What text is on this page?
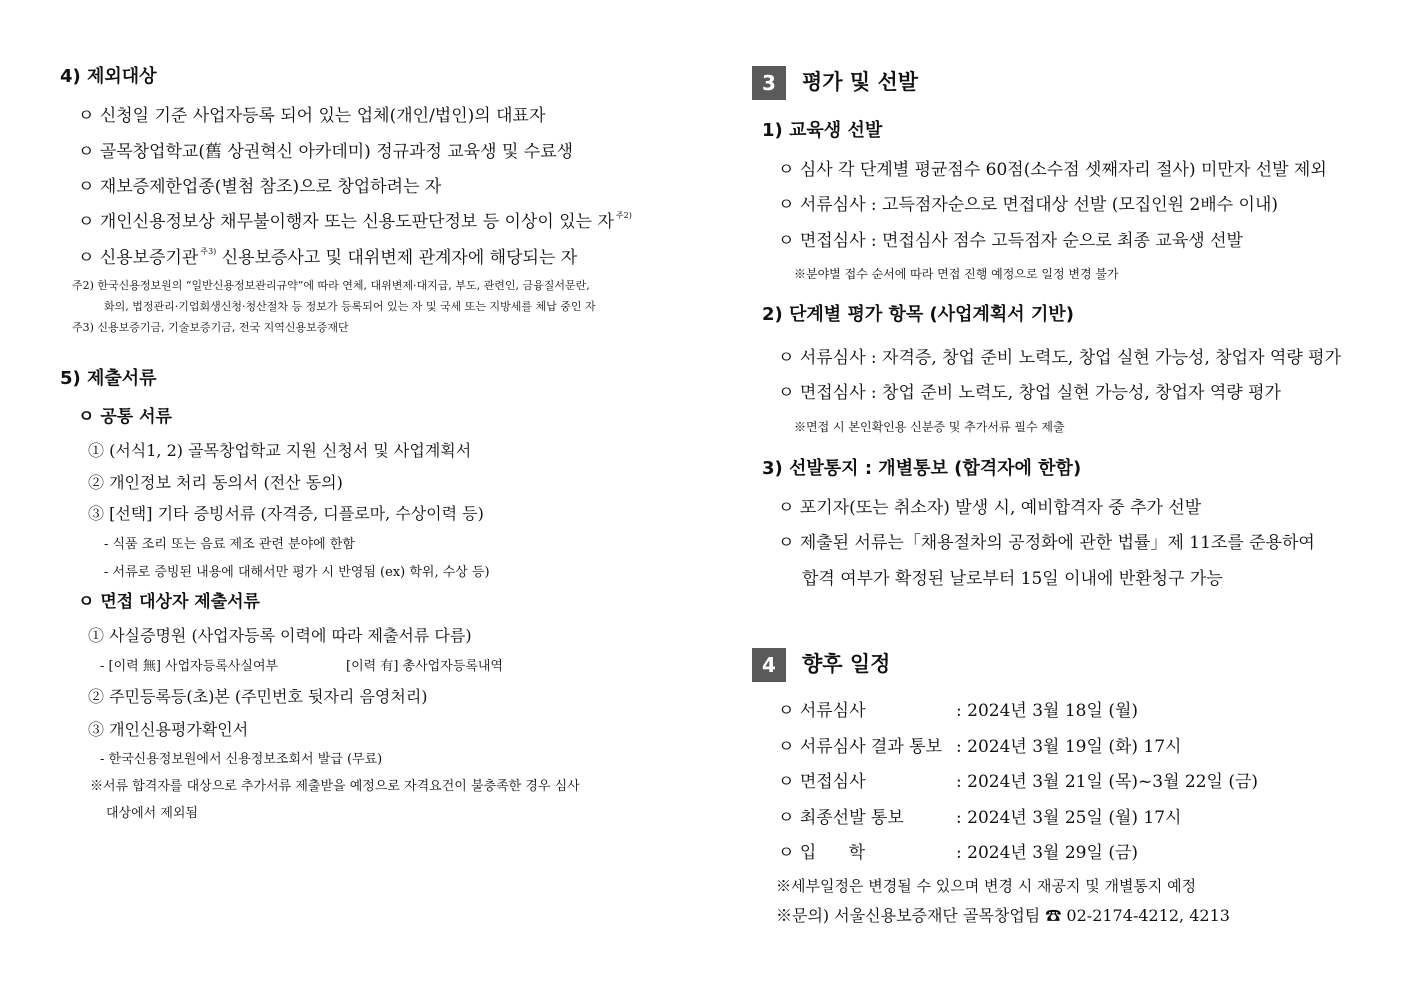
4) 제외대상
ㅇ 신청일 기준 사업자등록 되어 있는 업체(개인/법인)의 대표자
ㅇ 골목창업학교(舊 상권혁신 아카데미) 정규과정 교육생 및 수료생
ㅇ 재보증제한업종(별첨 참조)으로 창업하려는 자
ㅇ 개인신용정보상 채무불이행자 또는 신용도판단정보 등 이상이 있는 자 $^{주2)}$
ㅇ 신용보증기관 $^{주3)}$ 신용보증사고 및 대위변제 관계자에 해당되는 자
주2) 한국신용정보원의 “일반신용정보관리규약”에 따라 연체, 대위변제·대지급, 부도, 관련인, 금융질서문란,
화의, 법정관리·기업회생신청·청산절차 등 정보가 등록되어 있는 자 및 국세 또는 지방세를 체납 중인 자
주3) 신용보증기금, 기술보증기금, 전국 지역신용보증재단
5) 제출서류
ㅇ 공통 서류
① (서식1, 2) 골목창업학교 지원 신청서 및 사업계획서
② 개인정보 처리 동의서 (전산 동의)
③ [선택] 기타 증빙서류 (자격증, 디플로마, 수상이력 등)
- 식품 조리 또는 음료 제조 관련 분야에 한함
- 서류로 증빙된 내용에 대해서만 평가 시 반영됨 (ex) 학위, 수상 등)
ㅇ 면접 대상자 제출서류
① 사실증명원 (사업자등록 이력에 따라 제출서류 다름)
- [이력 無] 사업자등록사실여부	[이력 有] 총사업자등록내역
② 주민등록등(초)본 (주민번호 뒷자리 음영처리)
③ 개인신용평가확인서
- 한국신용정보원에서 신용정보조회서 발급 (무료)
※서류 합격자를 대상으로 추가서류 제출받을 예정으로 자격요건이 불충족한 경우 심사
대상에서 제외됨
3	평가 및 선발
1) 교육생 선발
ㅇ 심사 각 단계별 평균점수 60점(소수점 셋째자리 절사) 미만자 선발 제외
ㅇ 서류심사 : 고득점자순으로 면접대상 선발 (모집인원 2배수 이내)
ㅇ 면접심사 : 면접심사 점수 고득점자 순으로 최종 교육생 선발
※분야별 접수 순서에 따라 면접 진행 예정으로 일정 변경 불가
2) 단계별 평가 항목 (사업계획서 기반)
ㅇ 서류심사 : 자격증, 창업 준비 노력도, 창업 실현 가능성, 창업자 역량 평가
ㅇ 면접심사 : 창업 준비 노력도, 창업 실현 가능성, 창업자 역량 평가
※면접 시 본인확인용 신분증 및 추가서류 필수 제출
3) 선발통지 : 개별통보 (합격자에 한함)
ㅇ 포기자(또는 취소자) 발생 시, 예비합격자 중 추가 선발
ㅇ 제출된 서류는「채용절차의 공정화에 관한 법률」제 11조를 준용하여
합격 여부가 확정된 날로부터 15일 이내에 반환청구 가능
4	향후 일정
ㅇ 서류심사	: 2024년 3월 18일 (월)
ㅇ 서류심사 결과 통보 : 2024년 3월 19일 (화) 17시
ㅇ 면접심사	: 2024년 3월 21일 (목)~3월 22일 (금)
ㅇ 최종선발 통보	: 2024년 3월 25일 (월) 17시
ㅇ 입      학	: 2024년 3월 29일 (금)
※세부일정은 변경될 수 있으며 변경 시 재공지 및 개별통지 예정
※문의) 서울신용보증재단 골목창업팀 ☎ 02-2174-4212, 4213
